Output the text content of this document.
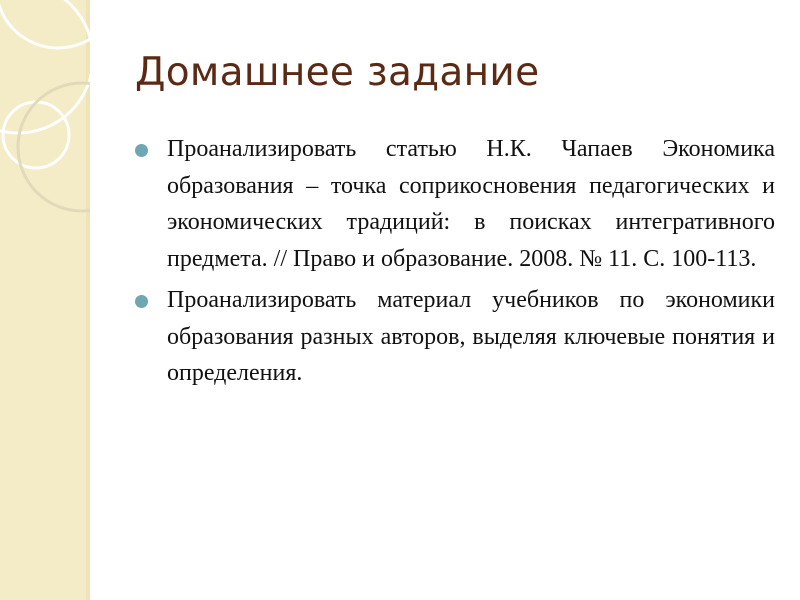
Домашнее задание
Проанализировать статью Н.К. Чапаев Экономика образования – точка соприкосновения педагогических и экономических традиций: в поисках интегративного предмета. // Право и образование. 2008. № 11. С. 100-113.
Проанализировать материал учебников по экономики образования разных авторов, выделяя ключевые понятия и определения.
